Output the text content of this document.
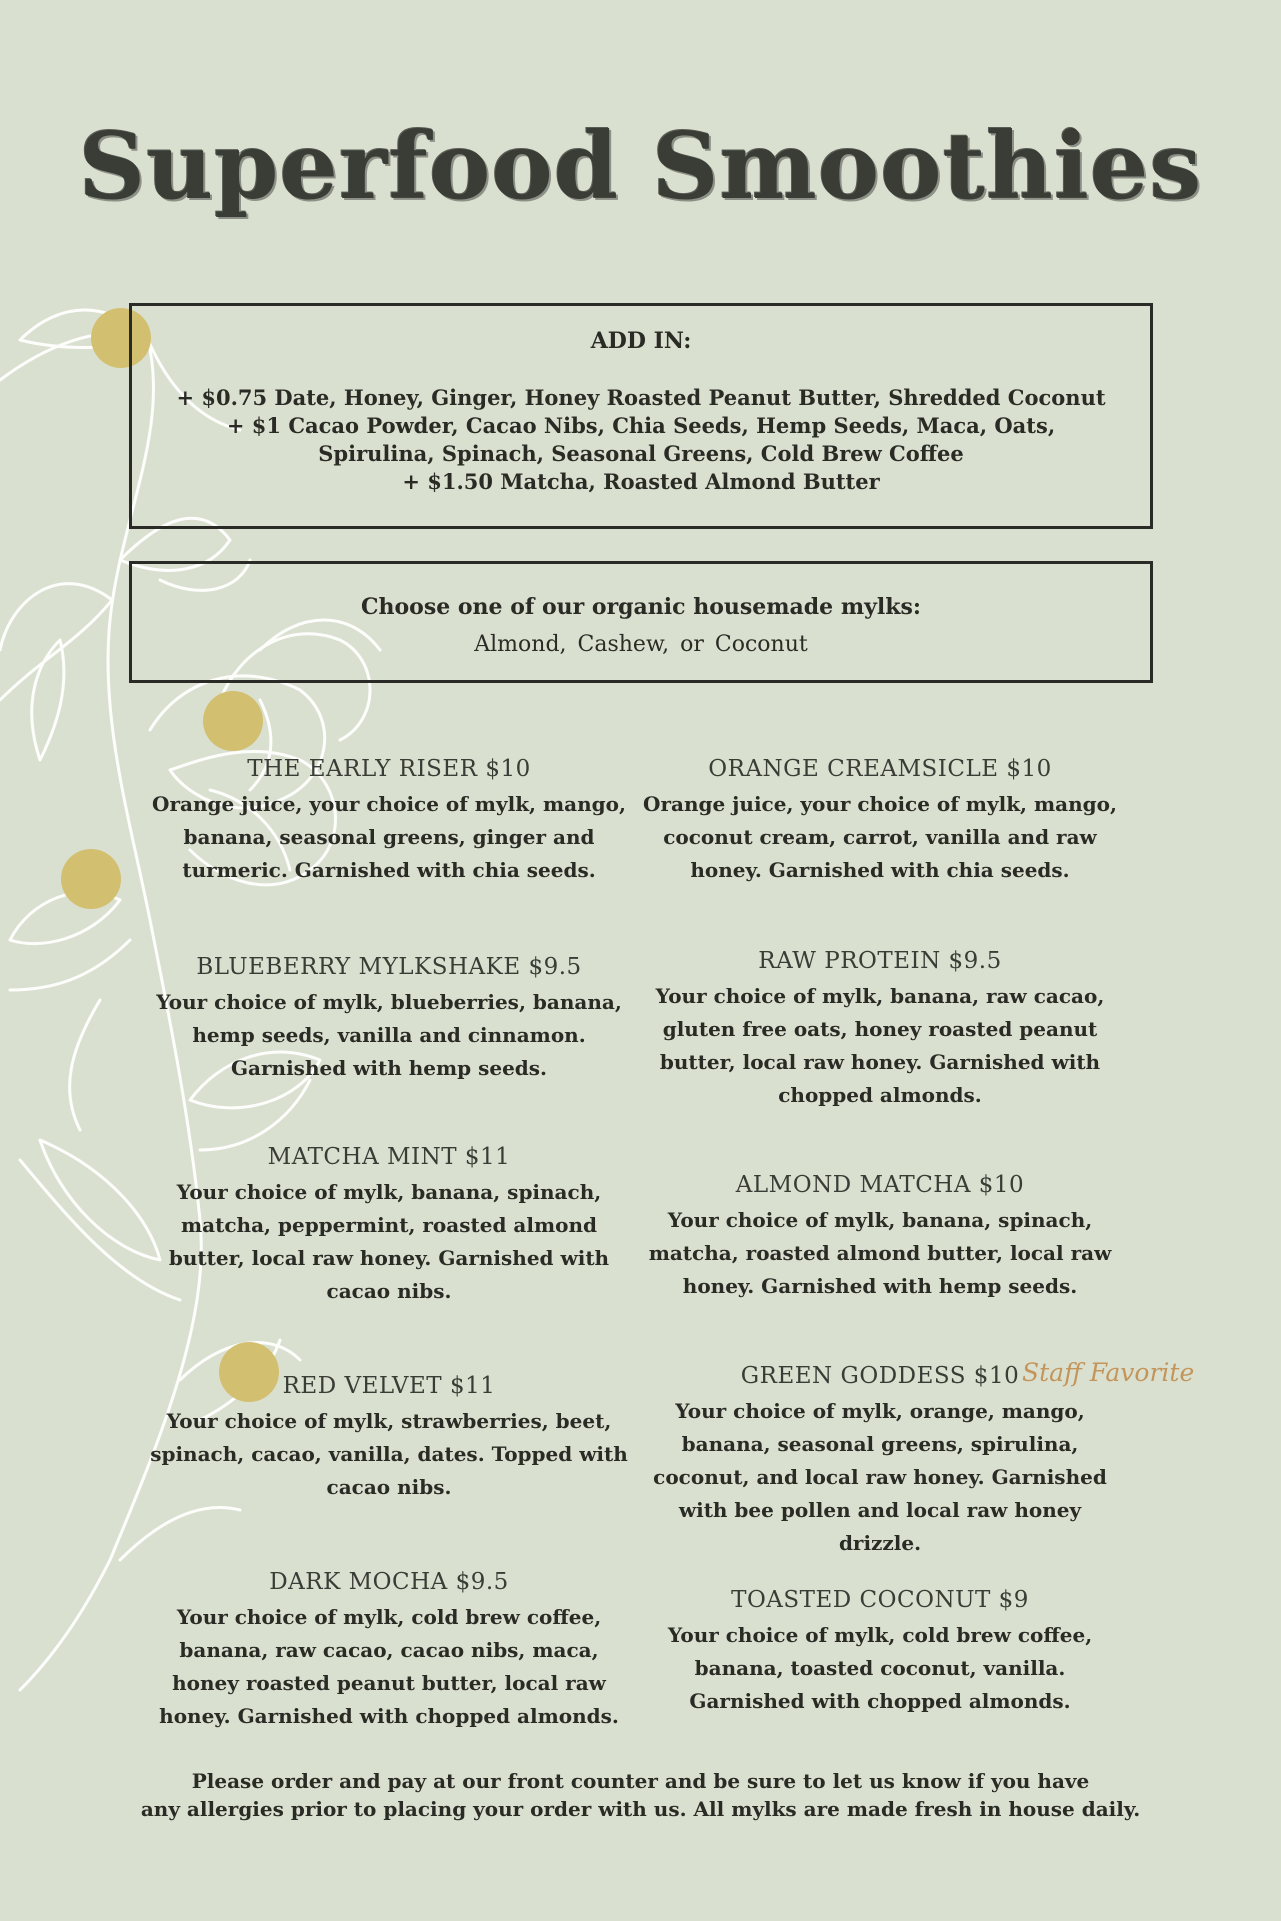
Superfood Smoothies
ADD IN:
+ $0.75 Date, Honey, Ginger, Honey Roasted Peanut Butter, Shredded Coconut
+ $1 Cacao Powder, Cacao Nibs, Chia Seeds, Hemp Seeds, Maca, Oats,
Spirulina, Spinach, Seasonal Greens, Cold Brew Coffee
+ $1.50 Matcha, Roasted Almond Butter
Choose one of our organic housemade mylks:
Almond, Cashew, or Coconut
THE EARLY RISER $10
Orange juice, your choice of mylk, mango, banana, seasonal greens, ginger and turmeric. Garnished with chia seeds.
BLUEBERRY MYLKSHAKE $9.5
Your choice of mylk, blueberries, banana, hemp seeds, vanilla and cinnamon. Garnished with hemp seeds.
MATCHA MINT $11
Your choice of mylk, banana, spinach, matcha, peppermint, roasted almond butter, local raw honey. Garnished with cacao nibs.
RED VELVET $11
Your choice of mylk, strawberries, beet, spinach, cacao, vanilla, dates. Topped with cacao nibs.
DARK MOCHA $9.5
Your choice of mylk, cold brew coffee, banana, raw cacao, cacao nibs, maca, honey roasted peanut butter, local raw honey. Garnished with chopped almonds.
ORANGE CREAMSICLE $10
Orange juice, your choice of mylk, mango, coconut cream, carrot, vanilla and raw honey. Garnished with chia seeds.
RAW PROTEIN $9.5
Your choice of mylk, banana, raw cacao, gluten free oats, honey roasted peanut butter, local raw honey. Garnished with chopped almonds.
ALMOND MATCHA $10
Your choice of mylk, banana, spinach, matcha, roasted almond butter, local raw honey. Garnished with hemp seeds.
GREEN GODDESS $10
Your choice of mylk, orange, mango, banana, seasonal greens, spirulina, coconut, and local raw honey. Garnished with bee pollen and local raw honey drizzle.
Staff Favorite
TOASTED COCONUT $9
Your choice of mylk, cold brew coffee, banana, toasted coconut, vanilla. Garnished with chopped almonds.
Please order and pay at our front counter and be sure to let us know if you have
any allergies prior to placing your order with us. All mylks are made fresh in house daily.
